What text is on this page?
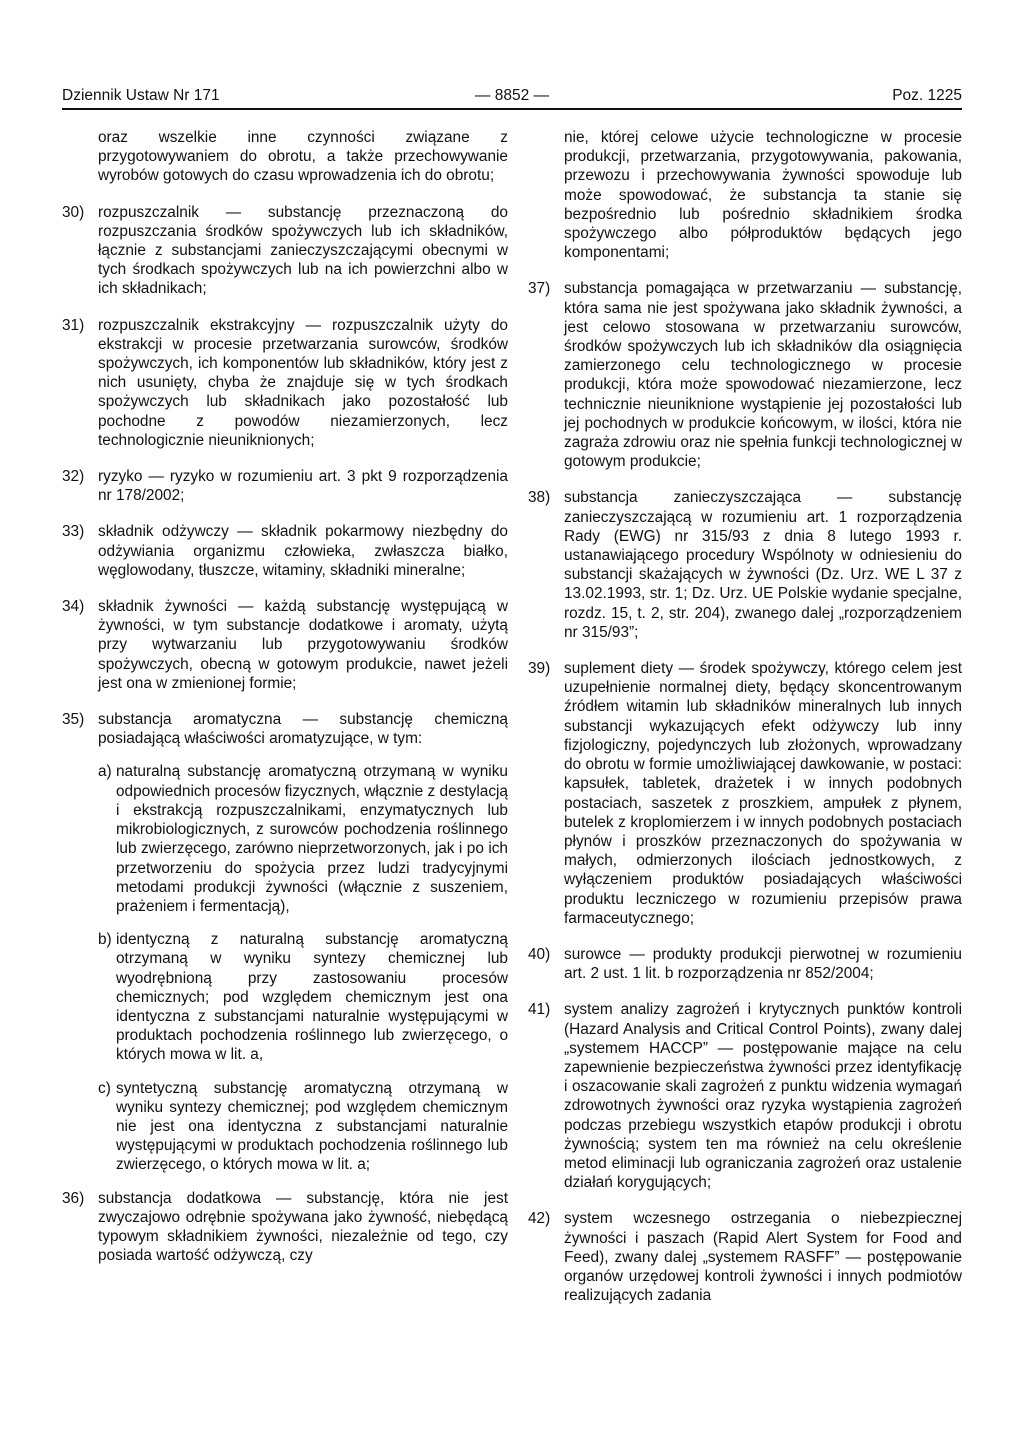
Dziennik Ustaw Nr 171	— 8852 —	Poz. 1225

oraz wszelkie inne czynności związane z przygotowywaniem do obrotu, a także przechowywanie wyrobów gotowych do czasu wprowadzenia ich do obrotu;

30) rozpuszczalnik — substancję przeznaczoną do rozpuszczania środków spożywczych lub ich składników, łącznie z substancjami zanieczyszczającymi obecnymi w tych środkach spożywczych lub na ich powierzchni albo w ich składnikach;
31) rozpuszczalnik ekstrakcyjny — rozpuszczalnik użyty do ekstrakcji w procesie przetwarzania surowców, środków spożywczych, ich komponentów lub składników, który jest z nich usunięty, chyba że znajduje się w tych środkach spożywczych lub składnikach jako pozostałość lub pochodne z powodów niezamierzonych, lecz technologicznie nieuniknionych;
32) ryzyko — ryzyko w rozumieniu art. 3 pkt 9 rozporządzenia nr 178/2002;
33) składnik odżywczy — składnik pokarmowy niezbędny do odżywiania organizmu człowieka, zwłaszcza białko, węglowodany, tłuszcze, witaminy, składniki mineralne;
34) składnik żywności — każdą substancję występującą w żywności, w tym substancje dodatkowe i aromaty, użytą przy wytwarzaniu lub przygotowywaniu środków spożywczych, obecną w gotowym produkcie, nawet jeżeli jest ona w zmienionej formie;
35) substancja aromatyczna — substancję chemiczną posiadającą właściwości aromatyzujące, w tym:
a) naturalną substancję aromatyczną otrzymaną w wyniku odpowiednich procesów fizycznych, włącznie z destylacją i ekstrakcją rozpuszczalnikami, enzymatycznych lub mikrobiologicznych, z surowców pochodzenia roślinnego lub zwierzęcego, zarówno nieprzetworzonych, jak i po ich przetworzeniu do spożycia przez ludzi tradycyjnymi metodami produkcji żywności (włącznie z suszeniem, prażeniem i fermentacją),
b) identyczną z naturalną substancję aromatyczną otrzymaną w wyniku syntezy chemicznej lub wyodrębnioną przy zastosowaniu procesów chemicznych; pod względem chemicznym jest ona identyczna z substancjami naturalnie występującymi w produktach pochodzenia roślinnego lub zwierzęcego, o których mowa w lit. a,
c) syntetyczną substancję aromatyczną otrzymaną w wyniku syntezy chemicznej; pod względem chemicznym nie jest ona identyczna z substancjami naturalnie występującymi w produktach pochodzenia roślinnego lub zwierzęcego, o których mowa w lit. a;
36) substancja dodatkowa — substancję, która nie jest zwyczajowo odrębnie spożywana jako żywność, niebędącą typowym składnikiem żywności, niezależnie od tego, czy posiada wartość odżywczą, czy

nie, której celowe użycie technologiczne w procesie produkcji, przetwarzania, przygotowywania, pakowania, przewozu i przechowywania żywności spowoduje lub może spowodować, że substancja ta stanie się bezpośrednio lub pośrednio składnikiem środka spożywczego albo półproduktów będących jego komponentami;

37) substancja pomagająca w przetwarzaniu — substancję, która sama nie jest spożywana jako składnik żywności, a jest celowo stosowana w przetwarzaniu surowców, środków spożywczych lub ich składników dla osiągnięcia zamierzonego celu technologicznego w procesie produkcji, która może spowodować niezamierzone, lecz technicznie nieuniknione wystąpienie jej pozostałości lub jej pochodnych w produkcie końcowym, w ilości, która nie zagraża zdrowiu oraz nie spełnia funkcji technologicznej w gotowym produkcie;
38) substancja zanieczyszczająca — substancję zanieczyszczającą w rozumieniu art. 1 rozporządzenia Rady (EWG) nr 315/93 z dnia 8 lutego 1993 r. ustanawiającego procedury Wspólnoty w odniesieniu do substancji skażających w żywności (Dz. Urz. WE L 37 z 13.02.1993, str. 1; Dz. Urz. UE Polskie wydanie specjalne, rozdz. 15, t. 2, str. 204), zwanego dalej „rozporządzeniem nr 315/93”;
39) suplement diety — środek spożywczy, którego celem jest uzupełnienie normalnej diety, będący skoncentrowanym źródłem witamin lub składników mineralnych lub innych substancji wykazujących efekt odżywczy lub inny fizjologiczny, pojedynczych lub złożonych, wprowadzany do obrotu w formie umożliwiającej dawkowanie, w postaci: kapsułek, tabletek, drażetek i w innych podobnych postaciach, saszetek z proszkiem, ampułek z płynem, butelek z kroplomierzem i w innych podobnych postaciach płynów i proszków przeznaczonych do spożywania w małych, odmierzonych ilościach jednostkowych, z wyłączeniem produktów posiadających właściwości produktu leczniczego w rozumieniu przepisów prawa farmaceutycznego;
40) surowce — produkty produkcji pierwotnej w rozumieniu art. 2 ust. 1 lit. b rozporządzenia nr 852/2004;
41) system analizy zagrożeń i krytycznych punktów kontroli (Hazard Analysis and Critical Control Points), zwany dalej „systemem HACCP” — postępowanie mające na celu zapewnienie bezpieczeństwa żywności przez identyfikację i oszacowanie skali zagrożeń z punktu widzenia wymagań zdrowotnych żywności oraz ryzyka wystąpienia zagrożeń podczas przebiegu wszystkich etapów produkcji i obrotu żywnością; system ten ma również na celu określenie metod eliminacji lub ograniczania zagrożeń oraz ustalenie działań korygujących;
42) system wczesnego ostrzegania o niebezpiecznej żywności i paszach (Rapid Alert System for Food and Feed), zwany dalej „systemem RASFF” — postępowanie organów urzędowej kontroli żywności i innych podmiotów realizujących zadania
